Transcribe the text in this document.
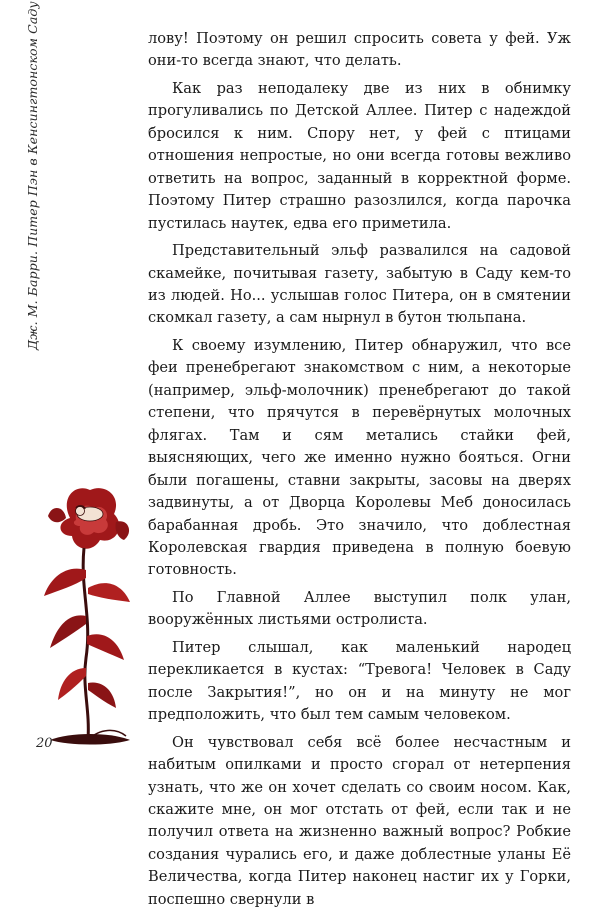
Дж. М. Барри. Питер Пэн в Кенсингтонском Саду	лову! Поэтому он решил спросить совета у фей. Уж они-то всегда знают, что делать.

Как раз неподалеку две из них в обнимку прогуливались по Детской Аллее. Питер с надеждой бросился к ним. Спору нет, у фей с птицами отношения непростые, но они всегда готовы вежливо ответить на вопрос, заданный в корректной форме. Поэтому Питер страшно разозлился, когда парочка пустилась наутек, едва его приметила.

Представительный эльф развалился на садовой скамейке, почитывая газету, забытую в Саду кем-то из людей. Но... услышав голос Питера, он в смятении скомкал газету, а сам нырнул в бутон тюльпана.

К своему изумлению, Питер обнаружил, что все феи пренебрегают знакомством с ним, а некоторые (например, эльф-молочник) пренебрегают до такой степени, что прячутся в перевёрнутых молочных флягах. Там и сям метались стайки фей, выясняющих, чего же именно нужно бояться. Огни были погашены, ставни закрыты, засовы на дверях задвинуты, а от Дворца Королевы Меб доносилась барабанная дробь. Это значило, что доблестная Королевская гвардия приведена в полную боевую готовность.

По Главной Аллее выступил полк улан, вооружённых листьями остролиста.

Питер слышал, как маленький народец перекликается в кустах: “Тревога! Человек в Саду после Закрытия!”, но он и на минуту не мог предположить, что был тем самым человеком.

Он чувствовал себя всё более несчастным и набитым опилками и просто сгорал от нетерпения узнать, что же он хочет сделать со своим носом. Как, скажите мне, он мог отстать от фей, если так и не получил ответа на жизненно важный вопрос? Робкие создания чурались его, и даже доблестные уланы Её Величества, когда Питер наконец настиг их у Горки, поспешно свернули в

20
